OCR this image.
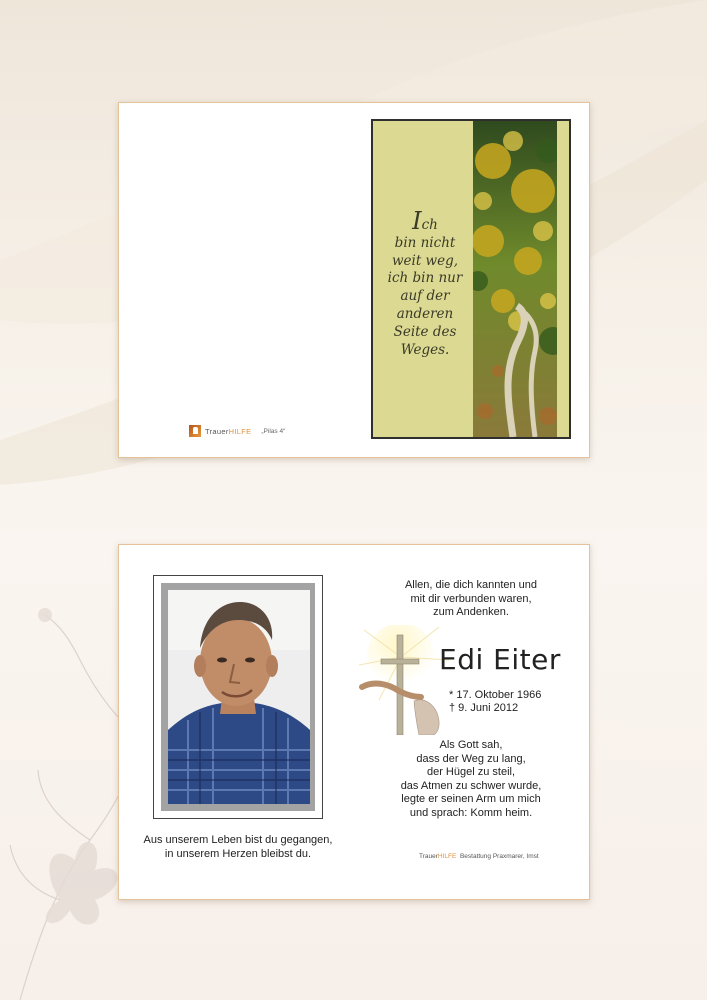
Ich
bin nicht
weit weg,
ich bin nur
auf der
anderen
Seite des
Weges.
TrauerHILFE „Pilas 4“
Aus unserem Leben bist du gegangen,
in unserem Herzen bleibst du.
Allen, die dich kannten und
mit dir verbunden waren,
zum Andenken.
Edi Eiter
* 17. Oktober 1966
† 9. Juni 2012
Als Gott sah,
dass der Weg zu lang,
der Hügel zu steil,
das Atmen zu schwer wurde,
legte er seinen Arm um mich
und sprach: Komm heim.
TrauerHILFE Bestattung Praxmarer, Imst
